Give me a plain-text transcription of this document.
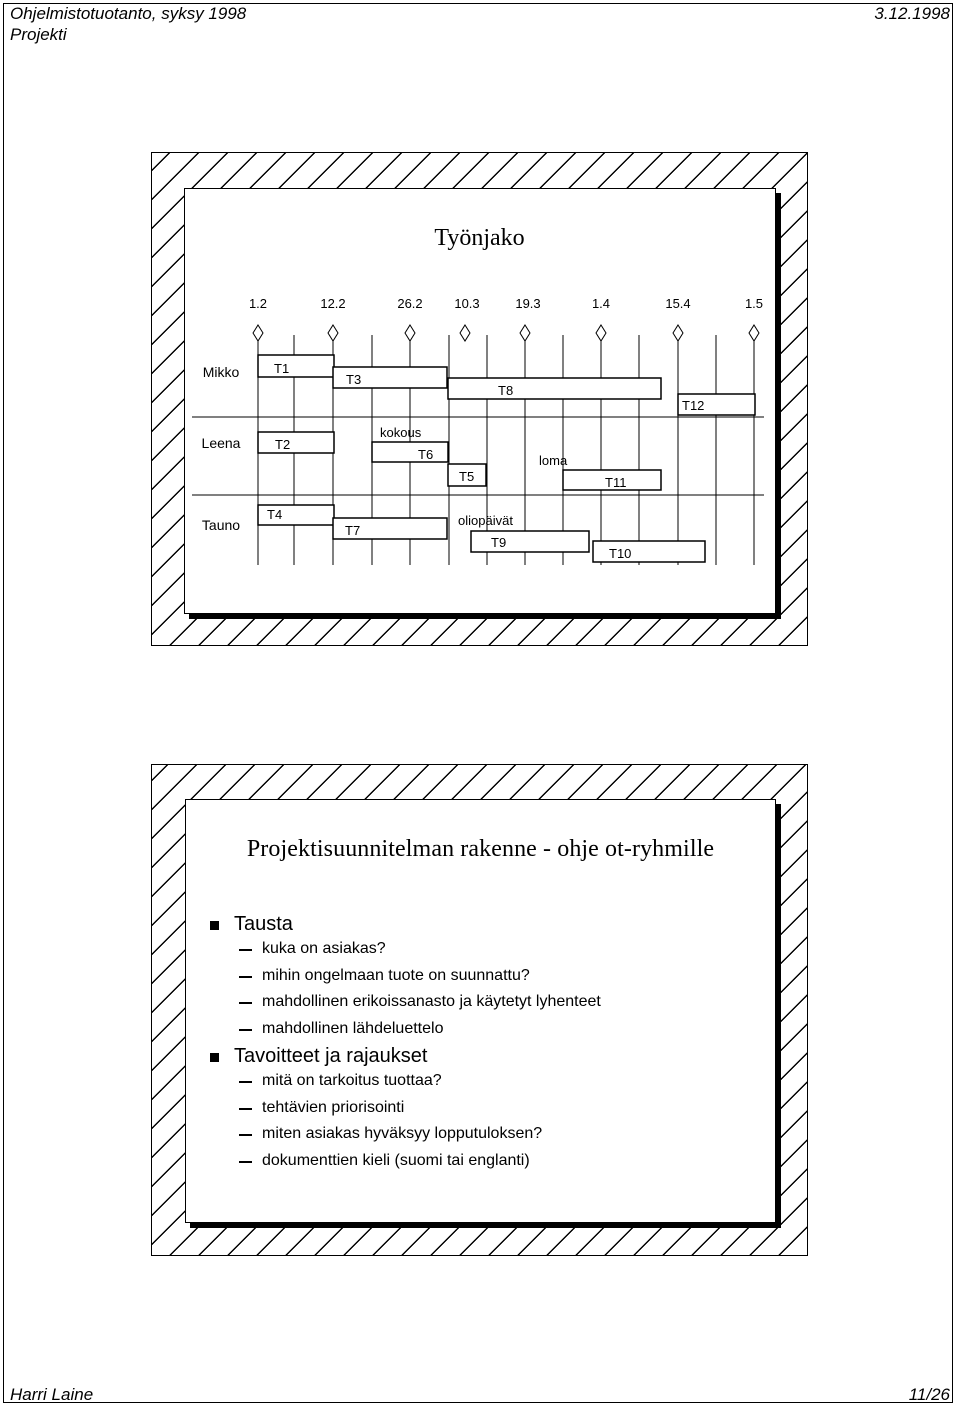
Ohjelmistotuotanto, syksy 1998
Projekti
3.12.1998
Työnjako
1.2	12.2	26.2 10.3	19.3	1.4	15.4	1.5
Mikko
Leena
Tauno
T1
T3
T8
T12
T2
T6
T5	T11
T4
T7
T9
T10
kokous
loma
oliopäivät
Projektisuunnitelman rakenne - ohje ot-ryhmille
Tausta
kuka on asiakas?
mihin ongelmaan tuote on suunnattu?
mahdollinen erikoissanasto ja käytetyt lyhenteet
mahdollinen lähdeluettelo
Tavoitteet ja rajaukset
mitä on tarkoitus tuottaa?
tehtävien priorisointi
miten asiakas hyväksyy lopputuloksen?
dokumenttien kieli (suomi tai englanti)
Harri Laine	11/26
